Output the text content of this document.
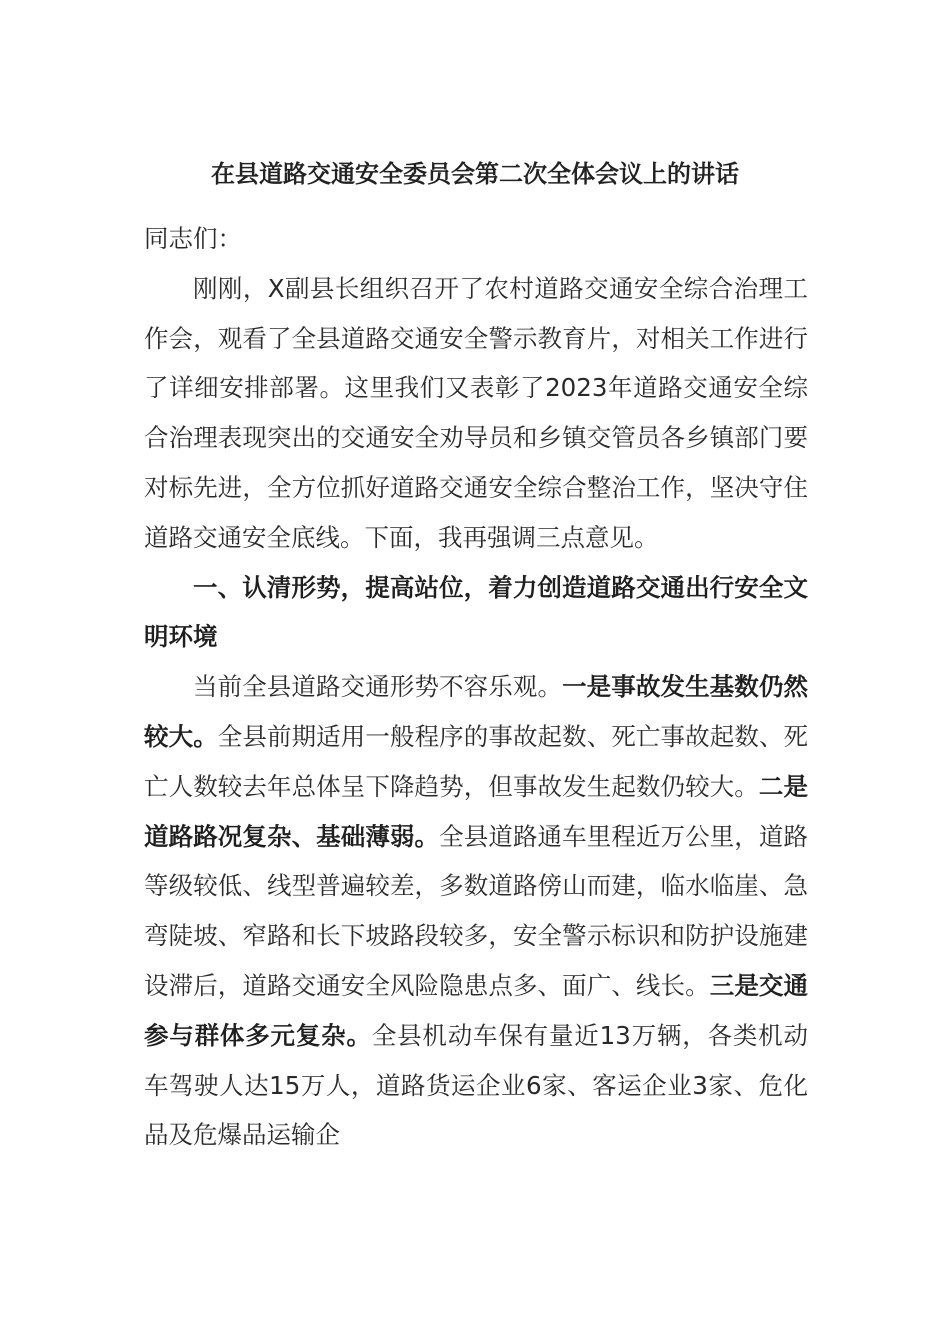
在县道路交通安全委员会第二次全体会议上的讲话

同志们：

刚刚，X副县长组织召开了农村道路交通安全综合治理工作会，观看了全县道路交通安全警示教育片，对相关工作进行了详细安排部署。这里我们又表彰了2023年道路交通安全综合治理表现突出的交通安全劝导员和乡镇交管员各乡镇部门要对标先进，全方位抓好道路交通安全综合整治工作，坚决守住道路交通安全底线。下面，我再强调三点意见。

一、认清形势，提高站位，着力创造道路交通出行安全文明环境

当前全县道路交通形势不容乐观。一是事故发生基数仍然较大。全县前期适用一般程序的事故起数、死亡事故起数、死亡人数较去年总体呈下降趋势，但事故发生起数仍较大。二是道路路况复杂、基础薄弱。全县道路通车里程近万公里，道路等级较低、线型普遍较差，多数道路傍山而建，临水临崖、急弯陡坡、窄路和长下坡路段较多，安全警示标识和防护设施建设滞后，道路交通安全风险隐患点多、面广、线长。三是交通参与群体多元复杂。全县机动车保有量近13万辆，各类机动车驾驶人达15万人，道路货运企业6家、客运企业3家、危化品及危爆品运输企
